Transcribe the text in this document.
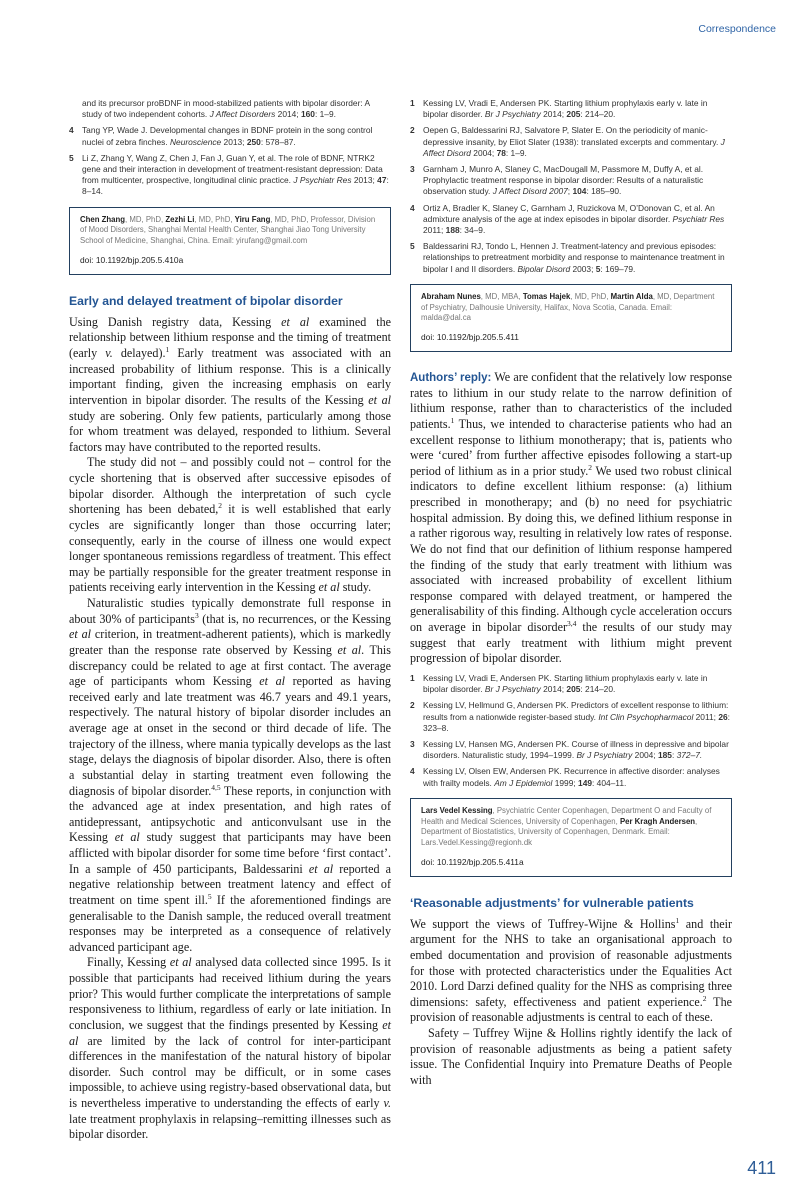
Correspondence
and its precursor proBDNF in mood-stabilized patients with bipolar disorder: A study of two independent cohorts. J Affect Disorders 2014; 160: 1–9.
4 Tang YP, Wade J. Developmental changes in BDNF protein in the song control nuclei of zebra finches. Neuroscience 2013; 250: 578–87.
5 Li Z, Zhang Y, Wang Z, Chen J, Fan J, Guan Y, et al. The role of BDNF, NTRK2 gene and their interaction in development of treatment-resistant depression: Data from multicenter, prospective, longitudinal clinic practice. J Psychiatr Res 2013; 47: 8–14.
Chen Zhang, MD, PhD, Zezhi Li, MD, PhD, Yiru Fang, MD, PhD, Professor, Division of Mood Disorders, Shanghai Mental Health Center, Shanghai Jiao Tong University School of Medicine, Shanghai, China. Email: yirufang@gmail.com
doi: 10.1192/bjp.205.5.410a
Early and delayed treatment of bipolar disorder

Using Danish registry data, Kessing et al examined the relationship between lithium response and the timing of treatment (early v. delayed).$^1$ Early treatment was associated with an increased probability of lithium response. This is a clinically important finding, given the increasing emphasis on early intervention in bipolar disorder. The results of the Kessing et al study are sobering. Only few patients, particularly among those for whom treatment was delayed, responded to lithium. Several factors may have contributed to the reported results.

The study did not – and possibly could not – control for the cycle shortening that is observed after successive episodes of bipolar disorder. Although the interpretation of such cycle shortening has been debated,$^2$ it is well established that early cycles are significantly longer than those occurring later; consequently, early in the course of illness one would expect longer spontaneous remissions regardless of treatment. This effect may be partially responsible for the greater treatment response in patients receiving early intervention in the Kessing et al study.

Naturalistic studies typically demonstrate full response in about 30% of participants$^3$ (that is, no recurrences, or the Kessing et al criterion, in treatment-adherent patients), which is markedly greater than the response rate observed by Kessing et al. This discrepancy could be related to age at first contact. The average age of participants whom Kessing et al reported as having received early and late treatment was 46.7 years and 49.1 years, respectively. The natural history of bipolar disorder includes an average age at onset in the second or third decade of life. The trajectory of the illness, where mania typically develops as the last stage, delays the diagnosis of bipolar disorder. Also, there is often a substantial delay in starting treatment even following the diagnosis of bipolar disorder.$^{4,5}$ These reports, in conjunction with the advanced age at index presentation, and high rates of antidepressant, antipsychotic and anticonvulsant use in the Kessing et al study suggest that participants may have been afflicted with bipolar disorder for some time before ‘first contact’. In a sample of 450 participants, Baldessarini et al reported a negative relationship between treatment latency and effect of treatment on time spent ill.$^5$ If the aforementioned findings are generalisable to the Danish sample, the reduced overall treatment responses may be interpreted as a consequence of relatively advanced participant age.

Finally, Kessing et al analysed data collected since 1995. Is it possible that participants had received lithium during the years prior? This would further complicate the interpretations of sample responsiveness to lithium, regardless of early or late initiation. In conclusion, we suggest that the findings presented by Kessing et al are limited by the lack of control for inter-participant differences in the manifestation of the natural history of bipolar disorder. Such control may be difficult, or in some cases impossible, to achieve using registry-based observational data, but is nevertheless imperative to understanding the effects of early v. late treatment prophylaxis in relapsing–remitting illnesses such as bipolar disorder.

1 Kessing LV, Vradi E, Andersen PK. Starting lithium prophylaxis early v. late in bipolar disorder. Br J Psychiatry 2014; 205: 214–20.
2 Oepen G, Baldessarini RJ, Salvatore P, Slater E. On the periodicity of manic-depressive insanity, by Eliot Slater (1938): translated excerpts and commentary. J Affect Disord 2004; 78: 1–9.
3 Garnham J, Munro A, Slaney C, MacDougall M, Passmore M, Duffy A, et al. Prophylactic treatment response in bipolar disorder: Results of a naturalistic observation study. J Affect Disord 2007; 104: 185–90.
4 Ortiz A, Bradler K, Slaney C, Garnham J, Ruzickova M, O’Donovan C, et al. An admixture analysis of the age at index episodes in bipolar disorder. Psychiatr Res 2011; 188: 34–9.
5 Baldessarini RJ, Tondo L, Hennen J. Treatment-latency and previous episodes: relationships to pretreatment morbidity and response to maintenance treatment in bipolar I and II disorders. Bipolar Disord 2003; 5: 169–79.
Abraham Nunes, MD, MBA, Tomas Hajek, MD, PhD, Martin Alda, MD, Department of Psychiatry, Dalhousie University, Halifax, Nova Scotia, Canada. Email: malda@dal.ca
doi: 10.1192/bjp.205.5.411

Authors’ reply: We are confident that the relatively low response rates to lithium in our study relate to the narrow definition of lithium response, rather than to characteristics of the included patients.$^1$ Thus, we intended to characterise patients who had an excellent response to lithium monotherapy; that is, patients who were ‘cured’ from further affective episodes following a start-up period of lithium as in a prior study.$^2$ We used two robust clinical indicators to define excellent lithium response: (a) lithium prescribed in monotherapy; and (b) no need for psychiatric hospital admission. By doing this, we defined lithium response in a rather rigorous way, resulting in relatively low rates of response. We do not find that our definition of lithium response hampered the finding of the study that early treatment with lithium was associated with increased probability of excellent lithium response compared with delayed treatment, or hampered the generalisability of this finding. Although cycle acceleration occurs on average in bipolar disorder$^{3,4}$ the results of our study may suggest that early treatment with lithium might prevent progression of bipolar disorder.

1 Kessing LV, Vradi E, Andersen PK. Starting lithium prophylaxis early v. late in bipolar disorder. Br J Psychiatry 2014; 205: 214–20.
2 Kessing LV, Hellmund G, Andersen PK. Predictors of excellent response to lithium: results from a nationwide register-based study. Int Clin Psychopharmacol 2011; 26: 323–8.
3 Kessing LV, Hansen MG, Andersen PK. Course of illness in depressive and bipolar disorders. Naturalistic study, 1994–1999. Br J Psychiatry 2004; 185: 372–7.
4 Kessing LV, Olsen EW, Andersen PK. Recurrence in affective disorder: analyses with frailty models. Am J Epidemiol 1999; 149: 404–11.
Lars Vedel Kessing, Psychiatric Center Copenhagen, Department O and Faculty of Health and Medical Sciences, University of Copenhagen, Per Kragh Andersen, Department of Biostatistics, University of Copenhagen, Denmark. Email: Lars.Vedel.Kessing@regionh.dk
doi: 10.1192/bjp.205.5.411a
‘Reasonable adjustments’ for vulnerable patients

We support the views of Tuffrey-Wijne & Hollins$^1$ and their argument for the NHS to take an organisational approach to embed documentation and provision of reasonable adjustments for those with protected characteristics under the Equalities Act 2010. Lord Darzi defined quality for the NHS as comprising three dimensions: safety, effectiveness and patient experience.$^2$ The provision of reasonable adjustments is central to each of these.

Safety – Tuffrey Wijne & Hollins rightly identify the lack of provision of reasonable adjustments as being a patient safety issue. The Confidential Inquiry into Premature Deaths of People with

411
